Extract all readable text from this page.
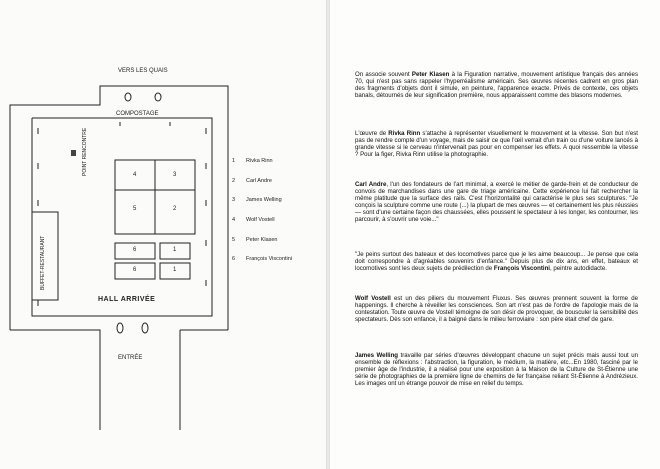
VERS LES QUAIS
COMPOSTAGE
POINT RENCONTRE
BUFFET-RESTAURANT
HALL ARRIVÉE
ENTRÉE
4	3
5	2
6	1
6	1
1	Rivka Rinn
2	Carl Andre
3	James Welling
4	Wolf Vostell
5	Peter Klasen
6	François Viscontini

On associe souvent Peter Klasen à la Figuration narrative, mouvement artistique français des années 70, qui n'est pas sans rappeler l'hyperréalisme américain. Ses œuvres récentes cadrent en gros plan des fragments d'objets dont il simule, en peinture, l'apparence exacte. Privés de contexte, ces objets banals, détournés de leur signification première, nous apparaissent comme des blasons modernes.

L'œuvre de Rivka Rinn s'attache à représenter visuellement le mouvement et la vitesse. Son but n'est pas de rendre compte d'un voyage, mais de saisir ce que l'œil verrait d'un train ou d'une voiture lancés à grande vitesse si le cerveau n'intervenait pas pour en compenser les effets. A quoi ressemble la vitesse ? Pour la figer, Rivka Rinn utilise la photographie.

Carl Andre, l'un des fondateurs de l'art minimal, a exercé le métier de garde-frein et de conducteur de convois de marchandises dans une gare de triage américaine. Cette expérience lui fait rechercher la même platitude que la surface des rails. C'est l'horizontalité qui caractérise le plus ses sculptures. "Je conçois la sculpture comme une route (...) la plupart de mes œuvres — et certainement les plus réussies — sont d'une certaine façon des chaussées, elles poussent le spectateur à les longer, les contourner, les parcourir, à s'ouvrir une voie..."

"Je peins surtout des bateaux et des locomotives parce que je les aime beaucoup... Je pense que cela doit correspondre à d'agréables souvenirs d'enfance." Depuis plus de dix ans, en effet, bateaux et locomotives sont les deux sujets de prédilection de François Viscontini, peintre autodidacte.

Wolf Vostell est un des piliers du mouvement Fluxus. Ses œuvres prennent souvent la forme de happenings. Il cherche à réveiller les consciences. Son art n'est pas de l'ordre de l'apologie mais de la contestation. Toute œuvre de Vostell témoigne de son désir de provoquer, de bousculer la sensibilité des spectateurs. Dès son enfance, il a baigné dans le milieu ferroviaire : son père était chef de gare.

James Welling travaille par séries d'œuvres développant chacune un sujet précis mais aussi tout un ensemble de réflexions : l'abstraction, la figuration, le médium, la matière, etc...En 1980, fasciné par le premier âge de l'industrie, il a réalisé pour une exposition à la Maison de la Culture de St-Étienne une série de photographies de la première ligne de chemins de fer française reliant St-Étienne à Andrézieux. Les images ont un étrange pouvoir de mise en relief du temps.
